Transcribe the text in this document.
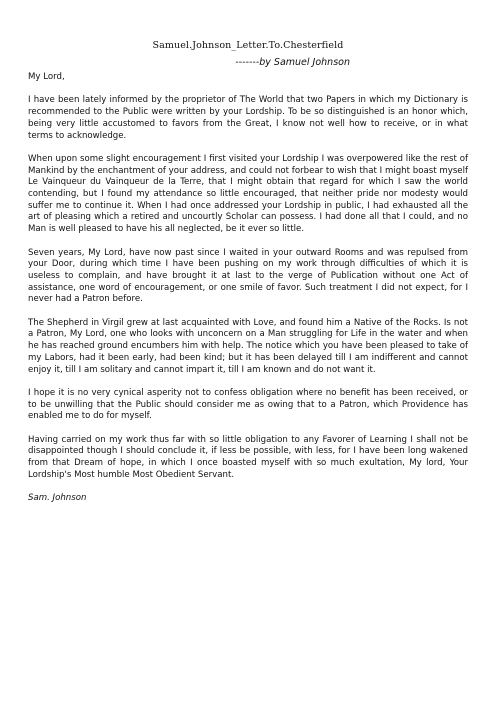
Samuel.Johnson_Letter.To.Chesterfield
-------by Samuel Johnson

My Lord,

I have been lately informed by the proprietor of The World that two Papers in which my Dictionary is recommended to the Public were written by your Lordship. To be so distinguished is an honor which, being very little accustomed to favors from the Great, I know not well how to receive, or in what terms to acknowledge.

When upon some slight encouragement I first visited your Lordship I was overpowered like the rest of Mankind by the enchantment of your address, and could not forbear to wish that I might boast myself Le Vainqueur du Vainqueur de la Terre, that I might obtain that regard for which I saw the world contending, but I found my attendance so little encouraged, that neither pride nor modesty would suffer me to continue it. When I had once addressed your Lordship in public, I had exhausted all the art of pleasing which a retired and uncourtly Scholar can possess. I had done all that I could, and no Man is well pleased to have his all neglected, be it ever so little.

Seven years, My Lord, have now past since I waited in your outward Rooms and was repulsed from your Door, during which time I have been pushing on my work through difficulties of which it is useless to complain, and have brought it at last to the verge of Publication without one Act of assistance, one word of encouragement, or one smile of favor. Such treatment I did not expect, for I never had a Patron before.

The Shepherd in Virgil grew at last acquainted with Love, and found him a Native of the Rocks. Is not a Patron, My Lord, one who looks with unconcern on a Man struggling for Life in the water and when he has reached ground encumbers him with help. The notice which you have been pleased to take of my Labors, had it been early, had been kind; but it has been delayed till I am indifferent and cannot enjoy it, till I am solitary and cannot impart it, till I am known and do not want it.

I hope it is no very cynical asperity not to confess obligation where no benefit has been received, or to be unwilling that the Public should consider me as owing that to a Patron, which Providence has enabled me to do for myself.

Having carried on my work thus far with so little obligation to any Favorer of Learning I shall not be disappointed though I should conclude it, if less be possible, with less, for I have been long wakened from that Dream of hope, in which I once boasted myself with so much exultation, My lord, Your Lordship's Most humble Most Obedient Servant.

Sam. Johnson
